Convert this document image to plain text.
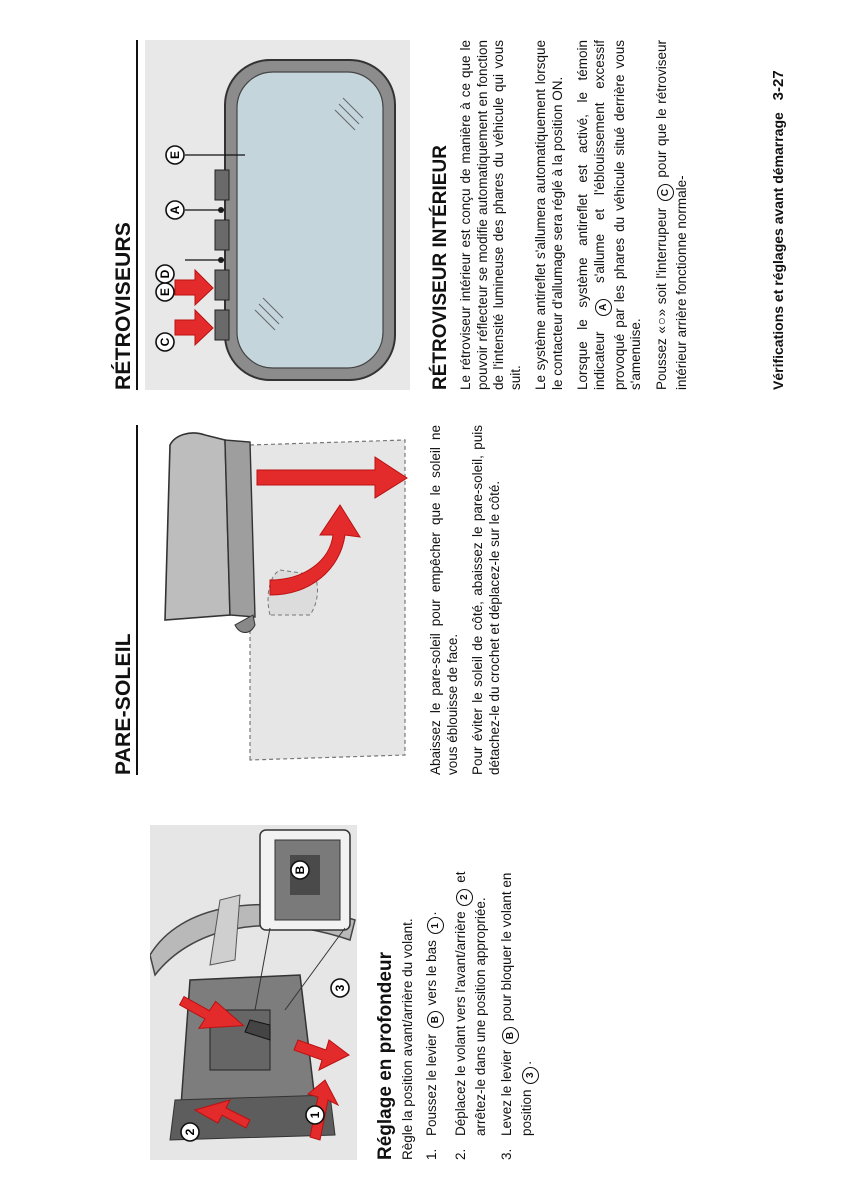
1
2
3
B
Réglage en profondeur Règle la position avant/arrière du volant. 1.
Poussez le levier B vers le bas 1.
2.
Déplacez le volant vers l'avant/arrière 2 et arrêtez-le dans une position appropriée.
3.
Levez le levier B pour bloquer le volant en position 3.
PARE-SOLEIL	Abaissez le pare-soleil pour empêcher que le soleil ne vous éblouisse de face. Pour éviter le soleil de côté, abaissez le pare-soleil, puis détachez-le du crochet et déplacez-le sur le côté.

RÉTROVISEURS C
E
D
A
E	RÉTROVISEUR INTÉRIEUR Le rétroviseur intérieur est conçu de manière à ce que le pouvoir réflecteur se modifie automatiquement en fonction de l'intensité lumineuse des phares du véhicule qui vous suit. Le système antireflet s'allumera automatiquement lorsque le contacteur d'allumage sera réglé à la position ON. Lorsque le système antireflet est activé, le témoin indicateur A s'allume et l'éblouissement excessif provoqué par les phares du véhicule situé derrière vous s'amenuise. Poussez «○» soit l'interrupeur C pour que le rétroviseur intérieur arrière fonctionne normale-	Vérifications et réglages avant démarrage 3-27
